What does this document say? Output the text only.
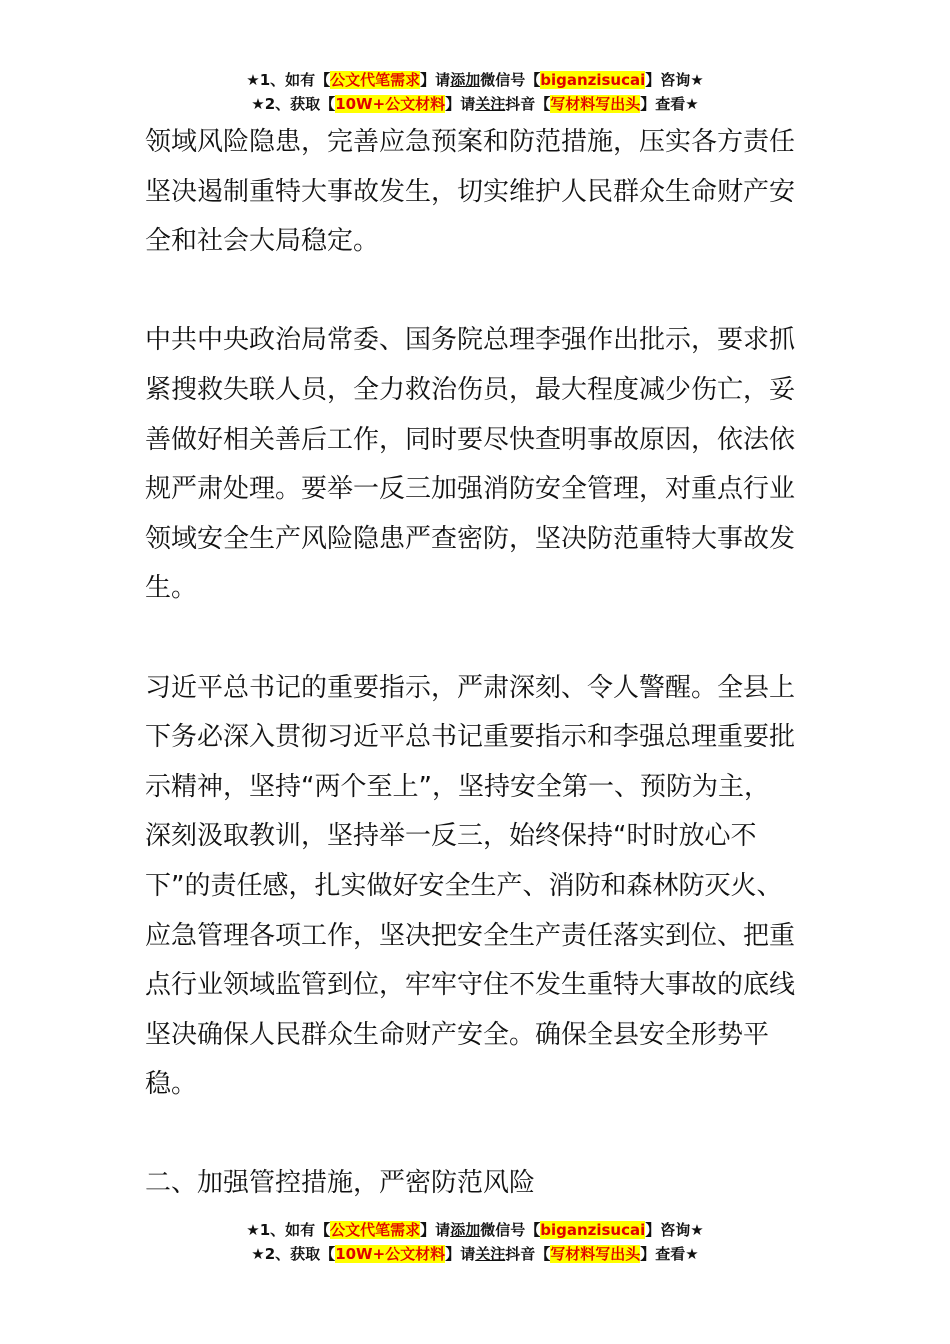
★1、如有【公文代笔需求】请添加微信号【biganzisucai】咨询★
★2、获取【10W+公文材料】请关注抖音【写材料写出头】查看★

领域风险隐患，完善应急预案和防范措施，压实各方责任
坚决遏制重特大事故发生，切实维护人民群众生命财产安
全和社会大局稳定。

中共中央政治局常委、国务院总理李强作出批示，要求抓
紧搜救失联人员，全力救治伤员，最大程度减少伤亡，妥
善做好相关善后工作，同时要尽快查明事故原因，依法依
规严肃处理。要举一反三加强消防安全管理，对重点行业
领域安全生产风险隐患严查密防，坚决防范重特大事故发
生。

习近平总书记的重要指示，严肃深刻、令人警醒。全县上
下务必深入贯彻习近平总书记重要指示和李强总理重要批
示精神，坚持“两个至上”，坚持安全第一、预防为主，
深刻汲取教训，坚持举一反三，始终保持“时时放心不
下”的责任感，扎实做好安全生产、消防和森林防灭火、
应急管理各项工作，坚决把安全生产责任落实到位、把重
点行业领域监管到位，牢牢守住不发生重特大事故的底线
坚决确保人民群众生命财产安全。确保全县安全形势平稳。

二、加强管控措施，严密防范风险

★1、如有【公文代笔需求】请添加微信号【biganzisucai】咨询★
★2、获取【10W+公文材料】请关注抖音【写材料写出头】查看★
